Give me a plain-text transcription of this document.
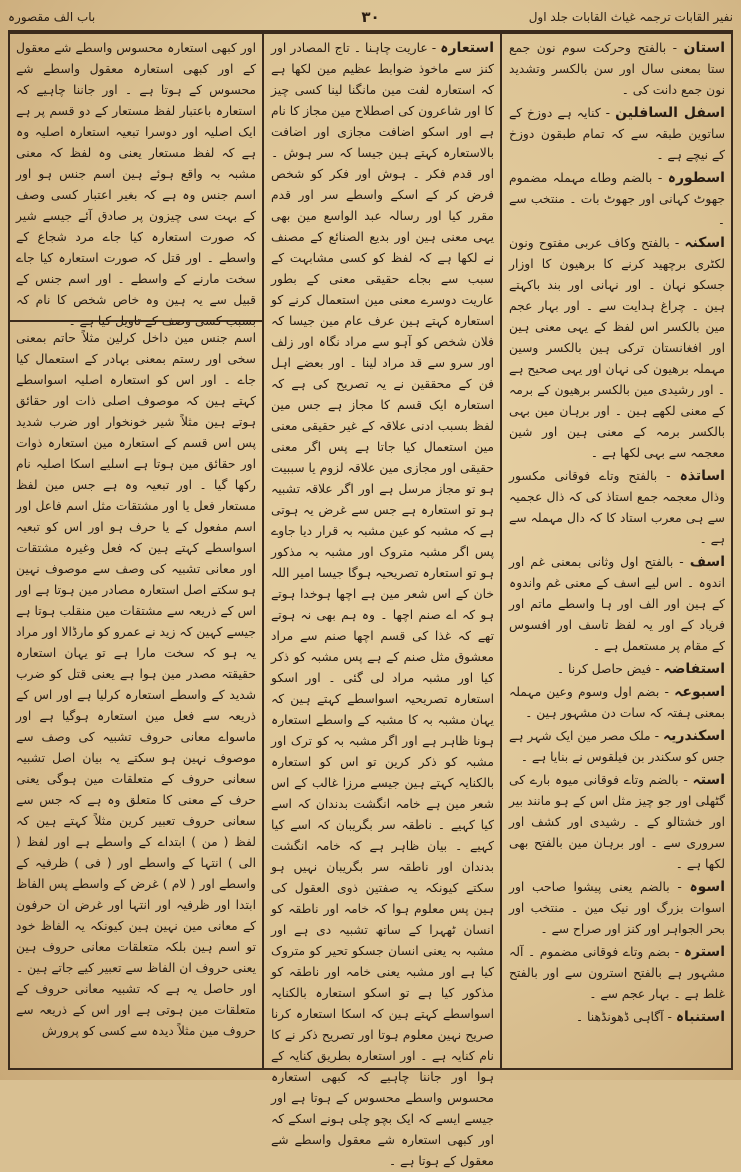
نفیر القابات ترجمہ غیاث القابات جلد اول
۳۰
باب الف مقصورہ
استان - بالفتح وحرکت سوم نون جمع ستا بمعنی سال اور سن بالکسر وتشدید نون جمع دانت کی ۔
اسفل السافلین - کنایہ ہے دوزخ کے ساتوین طبقہ سے کہ تمام طبقون دوزخ کے نیچے ہے ۔
اسطورہ - بالضم وطاے مہملہ مضموم جھوٹ کہانی اور جھوٹ بات ۔ منتخب سے ۔
اسکنہ - بالفتح وکاف عربی مفتوح ونون لکٹری برچھید کرنے کا برھیون کا اوزار جسکو نہان ۔ اور نہانی اور بند باکہتے ہین ۔ چراغ ہدایت سے ۔ اور بہار عجم مین بالکسر اس لفظ کے یہی معنی ہین اور افغانستان ترکی ہین بالکسر وسین مہملہ برھیون کی نہان اور یہی صحیح ہے ۔ اور رشیدی مین بالکسر برھیون کے برمہ کے معنی لکھے ہین ۔ اور برہان مین بہی بالکسر برمہ کے معنی ہین اور شین معجمہ سے بہی لکھا ہے ۔
اساتذہ - بالفتح وتاے فوقانی مکسور وذال معجمہ جمع استاذ کی کہ ذال عجمیہ سے ہی معرب استاد کا کہ دال مہملہ سے ہے ۔
اسف - بالفتح اول وثانی بمعنی غم اور اندوہ ۔ اس لیے اسف کے معنی غم واندوہ کے ہین اور الف اور ہا واسطے ماتم اور فریاد کے اور یہ لفظ تاسف اور افسوس کے مقام پر مستعمل ہے ۔
استفاضہ - فیض حاصل کرنا ۔
اسبوعہ - بضم اول وسوم وعین مہملہ بمعنی ہفتہ کہ سات دن مشہور ہین ۔
اسکندریہ - ملک مصر مین ایک شہر ہے جس کو سکندر بن فیلقوس نے بنایا ہے ۔
استہ - بالضم وتاے فوقانی میوہ بارے کی گٹھلی اور جو چیز مثل اس کے ہو مانند بیر اور خشتالو کے ۔ رشیدی اور کشف اور سروری سے ۔ اور برہان مین بالفتح بھی لکھا ہے ۔
اسوہ - بالضم یعنی پیشوا صاحب اور اسوات بزرگ اور نیک مین ۔ منتخب اور بحر الجواہر اور کنز اور صراح سے ۔
استرہ - بضم وتاے فوقانی مضموم ۔ آلہ مشہور ہے بالفتح استرون سے اور بالفتح غلط ہے ۔ بہار عجم سے ۔
استنباہ - آگاہی ڈھونڈھنا ۔
استعارہ - عاریت چاہنا ۔ تاج المصادر اور کنز سے ماخوذ ضوابط عظیم مین لکھا ہے کہ استعارہ لفت مین مانگنا لینا کسی چیز کا اور شاعرون کی اصطلاح مین مجاز کا نام ہے اور اسکو اضافت مجازی اور اضافت بالاستعارہ کہتے ہین جیسا کہ سر ہوش ۔ اور قدم فکر ۔ ہوش اور فکر کو شخص فرض کر کے اسکے واسطے سر اور قدم مقرر کیا اور رسالہ عبد الواسع مین بھی یہی معنی ہین اور بدیع الصنائع کے مصنف نے لکھا ہے کہ لفظ کو کسی مشابہت کے سبب سے بجاے حقیقی معنی کے بطور عاریت دوسرے معنی مین استعمال کرنے کو استعارہ کہتے ہین عرف عام مین جیسا کہ فلان شخص کو آہو سے مراد نگاہ اور زلف اور سرو سے قد مراد لینا ۔ اور بعضے اہل فن کے محققین نے یہ تصریح کی ہے کہ استعارہ ایک قسم کا مجاز ہے جس مین لفظ بسبب ادنی علاقہ کے غیر حقیقی معنی مین استعمال کیا جاتا ہے پس اگر معنی حقیقی اور مجازی مین علاقہ لزوم یا سببیت ہو تو مجاز مرسل ہے اور اگر علاقہ تشبیہ ہو تو استعارہ ہے جس سے غرض یہ ہوتی ہے کہ مشبہ کو عین مشبہ بہ قرار دیا جاوے پس اگر مشبہ متروک اور مشبہ بہ مذکور ہو تو استعارہ تصریحیہ ہوگا جیسا امیر اللہ خان کے اس شعر مین ہے اچھا ہوخدا ہوتے ہو کہ اے صنم اچھا ۔ وہ ہم بھی نہ ہوتے تھے کہ غذا کی قسم اچھا صنم سے مراد معشوق مثل صنم کے ہے پس مشبہ کو ذکر کیا اور مشبہ مراد لی گئی ۔ اور اسکو استعارہ تصریحیہ اسواسطے کہتے ہین کہ یہان مشبہ بہ کا مشبہ کے واسطے استعارہ ہونا ظاہر ہے اور اگر مشبہ بہ کو ترک اور مشبہ کو ذکر کرین تو اس کو استعارہ بالکنایہ کہتے ہین جیسے مرزا غالب کے اس شعر مین ہے خامہ انگشت بدندان کہ اسے کیا کہیے ۔ ناطقہ سر بگریبان کہ اسے کیا کہیے ۔ بیان ظاہر ہے کہ خامہ انگشت بدندان اور ناطقہ سر بگریبان نہیں ہو سکتے کیونکہ یہ صفتین ذوی العقول کی ہین پس معلوم ہوا کہ خامہ اور ناطقہ کو انسان ٹھہرا کے ساتھ تشبیہ دی ہے اور مشبہ بہ یعنی انسان جسکو تحیر کو متروک کیا ہے اور مشبہ یعنی خامہ اور ناطقہ کو مذکور کیا ہے تو اسکو استعارہ بالکنایہ اسواسطے کہتے ہین کہ اسکا استعارہ کرنا صریح نہین معلوم ہوتا اور تصریح ذکر نے کا نام کنایہ ہے ۔ اور استعارہ بطریق کنایہ کے ہوا اور جاننا چاہیے کہ کبھی استعارہ محسوس واسطے محسوس کے ہوتا ہے اور جیسے ایسے کہ ایک بچو چلی ہونے اسکے کہ اور کبھی استعارہ شے معقول واسطے شے معقول کے ہوتا ہے ۔
اور کبھی استعارہ محسوس واسطے شے معقول کے اور کبھی استعارہ معقول واسطے شے محسوس کے ہوتا ہے ۔ اور جاننا چاہیے کہ استعارہ باعتبار لفظ مستعار کے دو قسم پر ہے ایک اصلیہ اور دوسرا تبعیہ استعارہ اصلیہ وہ ہے کہ لفظ مستعار یعنی وہ لفظ کہ معنی مشبہ بہ واقع ہوئے ہین اسم جنس ہو اور اسم جنس وہ ہے کہ بغیر اعتبار کسی وصف کے بہت سی چیزون پر صادق آئے جیسے شیر کہ صورت استعارہ کیا جاے مرد شجاع کے واسطے ۔ اور قتل کہ صورت استعارہ کیا جاے سخت مارنے کے واسطے ۔ اور اسم جنس کے قبیل سے یہ ہین وہ خاص شخص کا نام کہ بسبب کسی وصف کے تاویل کیا ہے ۔
اسم جنس مین داخل کرلین مثلاً حاتم بمعنی سخی اور رستم بمعنی بہادر کے استعمال کیا جاے ۔ اور اس کو استعارہ اصلیہ اسواسطے کہتے ہین کہ موصوف اصلی ذات اور حقائق ہوتے ہین مثلاً شیر خونخوار اور ضرب شدید پس اس قسم کے استعارہ مین استعارہ ذوات اور حقائق مین ہوتا ہے اسلیے اسکا اصلیہ نام رکھا گیا ۔ اور تبعیہ وہ ہے جس مین لفظ مستعار فعل یا اور مشتقات مثل اسم فاعل اور اسم مفعول کے یا حرف ہو اور اس کو تبعیہ اسواسطے کہتے ہین کہ فعل وغیرہ مشتقات اور معانی تشبیہ کی وصف سے موصوف نہین ہو سکتے اصل استعارہ مصادر مین ہوتا ہے اور اس کے ذریعہ سے مشتقات مین منقلب ہوتا ہے جیسے کہین کہ زید نے عمرو کو مارڈالا اور مراد یہ ہو کہ سخت مارا ہے تو یہان استعارہ حقیقتہ مصدر مین ہوا ہے یعنی قتل کو ضرب شدید کے واسطے استعارہ کرلیا ہے اور اس کے ذریعہ سے فعل مین استعارہ ہوگیا ہے اور ماسواے معانی حروف تشبیہ کی وصف سے موصوف نہین ہو سکتے یہ بیان اصل تشبیہ سعانی حروف کے متعلقات مین ہوگی یعنی حرف کے معنی کا متعلق وہ ہے کہ جس سے سعانی حروف تعبیر کرین مثلاً کہتے ہین کہ لفظ ( من ) ابتداے کے واسطے ہے اور لفظ ( الی ) انتہا کے واسطے اور ( فی ) ظرفیہ کے واسطے اور ( لام ) غرض کے واسطے پس الفاظ ابتدا اور ظرفیہ اور انتہا اور غرض ان حرفون کے معانی مین نہین ہین کیونکہ یہ الفاظ خود تو اسم ہین بلکہ متعلقات معانی حروف ہین یعنی حروف ان الفاظ سے تعبیر کیے جاتے ہین ۔ اور حاصل یہ ہے کہ تشبیہ معانی حروف کے متعلقات مین ہوتی ہے اور اس کے ذریعہ سے حروف مین مثلاً دیدہ سے کسی کو پرورش
